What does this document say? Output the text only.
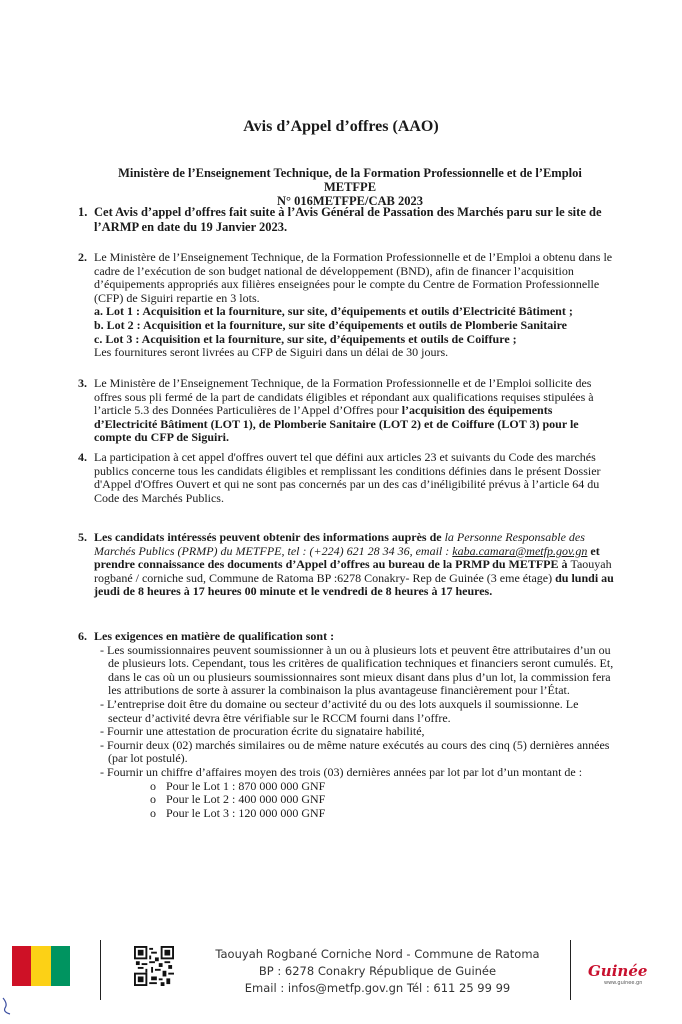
Avis d’Appel d’offres (AAO)
Ministère de l’Enseignement Technique, de la Formation Professionnelle et de l’Emploi
METFPE
N° 016METFPE/CAB 2023
1. Cet Avis d’appel d’offres fait suite à l’Avis Général de Passation des Marchés paru sur le site de l’ARMP en date du 19 Janvier 2023.

2. Le Ministère de l’Enseignement Technique, de la Formation Professionnelle et de l’Emploi a obtenu dans le cadre de l’exécution de son budget national de développement (BND), afin de financer l’acquisition d’équipements appropriés aux filières enseignées pour le compte du Centre de Formation Professionnelle (CFP) de Siguiri repartie en 3 lots.

a. Lot 1 : Acquisition et la fourniture, sur site, d’équipements et outils d’Electricité Bâtiment ;

b. Lot 2 : Acquisition et la fourniture, sur site d’équipements et outils de Plomberie Sanitaire

c. Lot 3 : Acquisition et la fourniture, sur site, d’équipements et outils de Coiffure ;

Les fournitures seront livrées au CFP de Siguiri dans un délai de 30 jours.

3. Le Ministère de l’Enseignement Technique, de la Formation Professionnelle et de l’Emploi sollicite des offres sous pli fermé de la part de candidats éligibles et répondant aux qualifications requises stipulées à l’article 5.3 des Données Particulières de l’Appel d’Offres pour l’acquisition des équipements d’Electricité Bâtiment (LOT 1), de Plomberie Sanitaire (LOT 2) et de Coiffure (LOT 3) pour le compte du CFP de Siguiri.

4. La participation à cet appel d'offres ouvert tel que défini aux articles 23 et suivants du Code des marchés publics concerne tous les candidats éligibles et remplissant les conditions définies dans le présent Dossier d'Appel d'Offres Ouvert et qui ne sont pas concernés par un des cas d’inéligibilité prévus à l’article 64 du Code des Marchés Publics.

5. Les candidats intéressés peuvent obtenir des informations auprès de la Personne Responsable des Marchés Publics (PRMP) du METFPE, tel : (+224) 621 28 34 36, email : kaba.camara@metfp.gov.gn et prendre connaissance des documents d’Appel d’offres au bureau de la PRMP du METFPE à Taouyah rogbané / corniche sud, Commune de Ratoma BP :6278 Conakry- Rep de Guinée (3 eme étage) du lundi au jeudi de 8 heures à 17 heures 00 minute et le vendredi de 8 heures à 17 heures.

6. Les exigences en matière de qualification sont :

- Les soumissionnaires peuvent soumissionner à un ou à plusieurs lots et peuvent être attributaires d’un ou de plusieurs lots. Cependant, tous les critères de qualification techniques et financiers seront cumulés. Et, dans le cas où un ou plusieurs soumissionnaires sont mieux disant dans plus d’un lot, la commission fera les attributions de sorte à assurer la combinaison la plus avantageuse financièrement pour l’État.

- L’entreprise doit être du domaine ou secteur d’activité du ou des lots auxquels il soumissionne. Le secteur d’activité devra être vérifiable sur le RCCM fourni dans l’offre.

- Fournir une attestation de procuration écrite du signataire habilité,

- Fournir deux (02) marchés similaires ou de même nature exécutés au cours des cinq (5) dernières années (par lot postulé).

- Fournir un chiffre d’affaires moyen des trois (03) dernières années par lot par lot d’un montant de :

o Pour le Lot 1 : 870 000 000 GNF

o Pour le Lot 2 : 400 000 000 GNF

o Pour le Lot 3 : 120 000 000 GNF

Taouyah Rogbané Corniche Nord - Commune de Ratoma
BP : 6278 Conakry République de Guinée
Email : infos@metfp.gov.gn Tél : 611 25 99 99
Guinée
www.guinee.gn
